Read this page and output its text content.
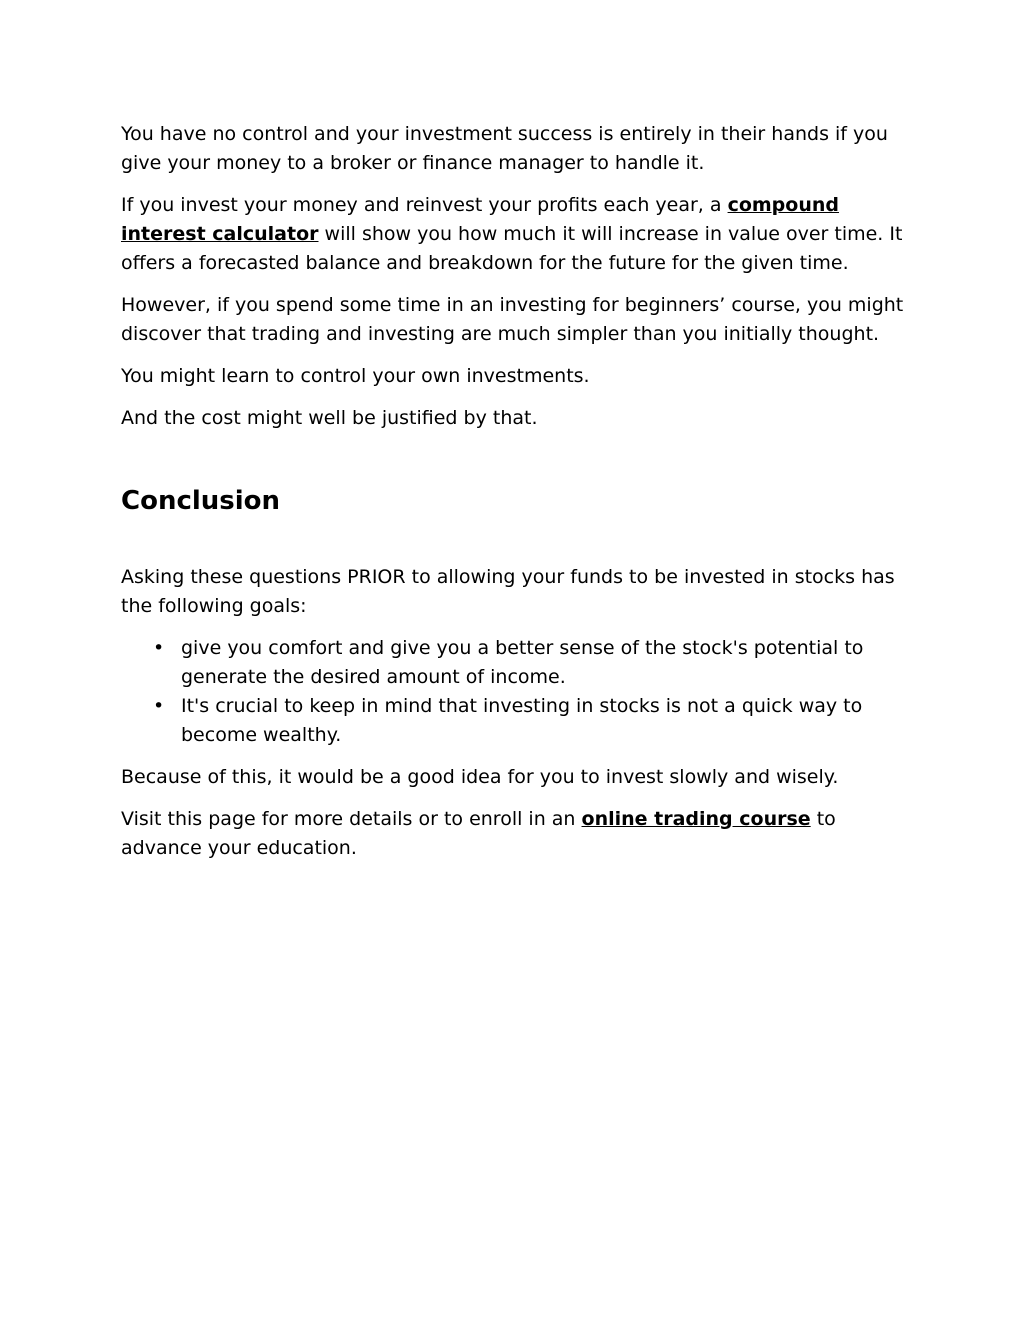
You have no control and your investment success is entirely in their hands if you give your money to a broker or finance manager to handle it.

If you invest your money and reinvest your profits each year, a compound interest calculator will show you how much it will increase in value over time. It offers a forecasted balance and breakdown for the future for the given time.

However, if you spend some time in an investing for beginners’ course, you might discover that trading and investing are much simpler than you initially thought.

You might learn to control your own investments.

And the cost might well be justified by that.

Conclusion

Asking these questions PRIOR to allowing your funds to be invested in stocks has the following goals:

• give you comfort and give you a better sense of the stock's potential to generate the desired amount of income.
• It's crucial to keep in mind that investing in stocks is not a quick way to become wealthy.

Because of this, it would be a good idea for you to invest slowly and wisely.

Visit this page for more details or to enroll in an online trading course to advance your education.
